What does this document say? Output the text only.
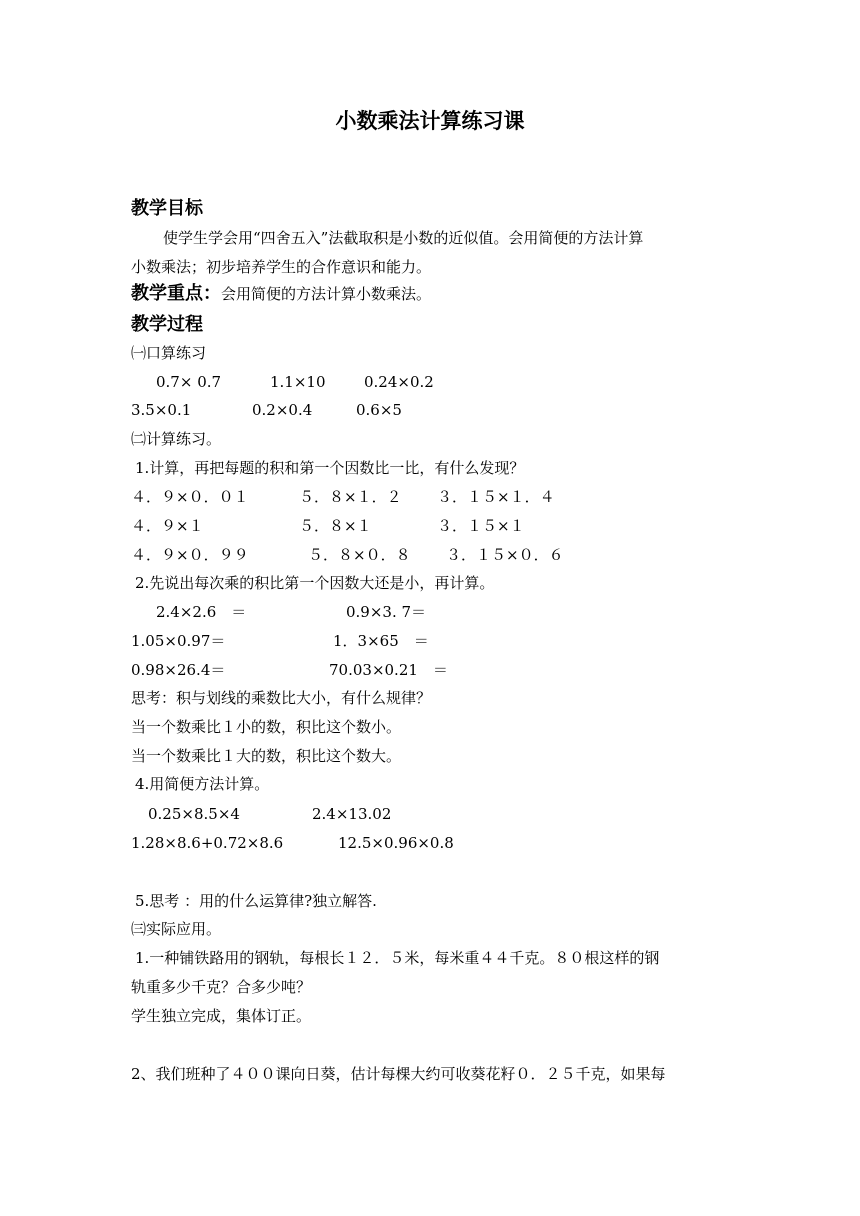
小数乘法计算练习课
教学目标
使学生学会用“四舍五入”法截取积是小数的近似值。会用简便的方法计算
小数乘法；初步培养学生的合作意识和能力。
教学重点：会用简便的方法计算小数乘法。
教学过程
㈠口算练习
0.7× 0.7	1.1×10	0.24×0.2
3.5×0.1	0.2×0.4	0.6×5
㈡计算练习。
1.计算，再把每题的积和第一个因数比一比，有什么发现？
４．９×０．０１	５．８×１．２ ３．１５×１．４
４．９×１	５．８×１	３．１５×１
４．９×０．９９	５．８×０．８ ３．１５×０．６
2.先说出每次乘的积比第一个因数大还是小，再计算。
2.4×2.6　＝	0.9×3. 7＝
1.05×0.97＝	1．3×65　＝
0.98×26.4＝	70.03×0.21　＝
思考：积与划线的乘数比大小，有什么规律？
当一个数乘比１小的数，积比这个数小。
当一个数乘比１大的数，积比这个数大。
4.用简便方法计算。
0.25×8.5×4	2.4×13.02
1.28×8.6+0.72×8.6	12.5×0.96×0.8
5.思考 ：用的什么运算律?独立解答.
㈢实际应用。
1.一种铺铁路用的钢轨，每根长１２．５米，每米重４４千克。８０根这样的钢
轨重多少千克？合多少吨？
学生独立完成，集体订正。
2、我们班种了４００课向日葵，估计每棵大约可收葵花籽０．２５千克，如果每
